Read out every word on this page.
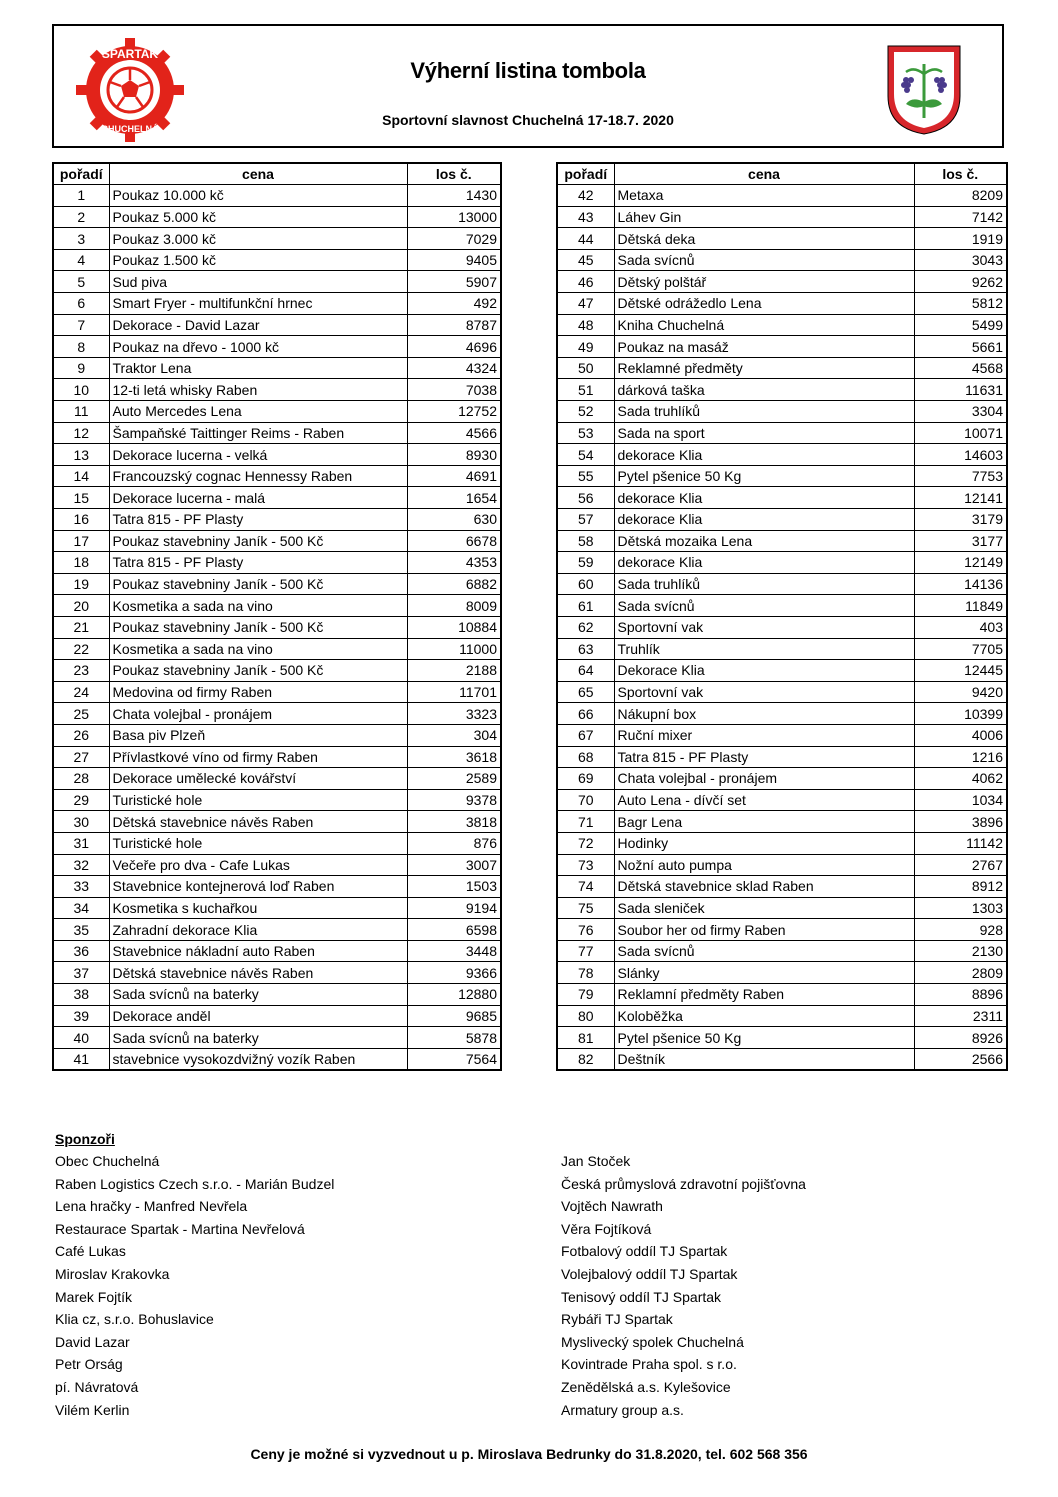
SPARTAK
CHUCHELNÁ
Výherní listina tombola
Sportovní slavnost Chuchelná 17-18.7. 2020
pořadí	cena	los č.
1	Poukaz 10.000 kč	1430
2	Poukaz 5.000 kč	13000
3	Poukaz 3.000 kč	7029
4	Poukaz 1.500 kč	9405
5	Sud piva	5907
6	Smart Fryer - multifunkční hrnec	492
7	Dekorace - David Lazar	8787
8	Poukaz na dřevo - 1000 kč	4696
9	Traktor Lena	4324
10	12-ti letá whisky Raben	7038
11	Auto Mercedes Lena	12752
12	Šampaňské Taittinger Reims - Raben	4566
13	Dekorace lucerna - velká	8930
14	Francouzský cognac Hennessy Raben	4691
15	Dekorace lucerna - malá	1654
16	Tatra 815 - PF Plasty	630
17	Poukaz stavebniny Janík - 500 Kč	6678
18	Tatra 815 - PF Plasty	4353
19	Poukaz stavebniny Janík - 500 Kč	6882
20	Kosmetika a sada na vino	8009
21	Poukaz stavebniny Janík - 500 Kč	10884
22	Kosmetika a sada na vino	11000
23	Poukaz stavebniny Janík - 500 Kč	2188
24	Medovina od firmy Raben	11701
25	Chata volejbal - pronájem	3323
26	Basa piv Plzeň	304
27	Přívlastkové víno od firmy Raben	3618
28	Dekorace umělecké kovářství	2589
29	Turistické hole	9378
30	Dětská stavebnice návěs Raben	3818
31	Turistické hole	876
32	Večeře pro dva - Cafe Lukas	3007
33	Stavebnice kontejnerová loď Raben	1503
34	Kosmetika s kuchařkou	9194
35	Zahradní dekorace Klia	6598
36	Stavebnice nákladní auto Raben	3448
37	Dětská stavebnice návěs Raben	9366
38	Sada svícnů na baterky	12880
39	Dekorace anděl	9685
40	Sada svícnů na baterky	5878
41	stavebnice vysokozdvižný vozík Raben	7564
pořadí	cena	los č.
42	Metaxa	8209
43	Láhev Gin	7142
44	Dětská deka	1919
45	Sada svícnů	3043
46	Dětský polštář	9262
47	Dětské odrážedlo Lena	5812
48	Kniha Chuchelná	5499
49	Poukaz na masáž	5661
50	Reklamné předměty	4568
51	dárková taška	11631
52	Sada truhlíků	3304
53	Sada na sport	10071
54	dekorace Klia	14603
55	Pytel pšenice 50 Kg	7753
56	dekorace Klia	12141
57	dekorace Klia	3179
58	Dětská mozaika Lena	3177
59	dekorace Klia	12149
60	Sada truhlíků	14136
61	Sada svícnů	11849
62	Sportovní vak	403
63	Truhlík	7705
64	Dekorace Klia	12445
65	Sportovní vak	9420
66	Nákupní box	10399
67	Ruční mixer	4006
68	Tatra 815 - PF Plasty	1216
69	Chata volejbal - pronájem	4062
70	Auto Lena - dívčí set	1034
71	Bagr Lena	3896
72	Hodinky	11142
73	Nožní auto pumpa	2767
74	Dětská stavebnice sklad Raben	8912
75	Sada sleniček	1303
76	Soubor her od firmy Raben	928
77	Sada svícnů	2130
78	Slánky	2809
79	Reklamní předměty Raben	8896
80	Koloběžka	2311
81	Pytel pšenice 50 Kg	8926
82	Deštník	2566
Sponzoři
Obec Chuchelná
Raben Logistics Czech s.r.o. - Marián Budzel
Lena hračky - Manfred Nevřela
Restaurace Spartak - Martina Nevřelová
Café Lukas
Miroslav Krakovka
Marek Fojtík
Klia cz, s.r.o. Bohuslavice
David Lazar
Petr Orság
pí. Návratová
Vilém Kerlin
Jan Stoček
Česká průmyslová zdravotní pojišťovna
Vojtěch Nawrath
Věra Fojtíková
Fotbalový oddíl TJ Spartak
Volejbalový oddíl TJ Spartak
Tenisový oddíl TJ Spartak
Rybáři TJ Spartak
Myslivecký spolek Chuchelná
Kovintrade Praha spol. s r.o.
Zenědělská a.s. Kylešovice
Armatury group a.s.
Ceny je možné si vyzvednout u p. Miroslava Bedrunky do 31.8.2020, tel. 602 568 356
